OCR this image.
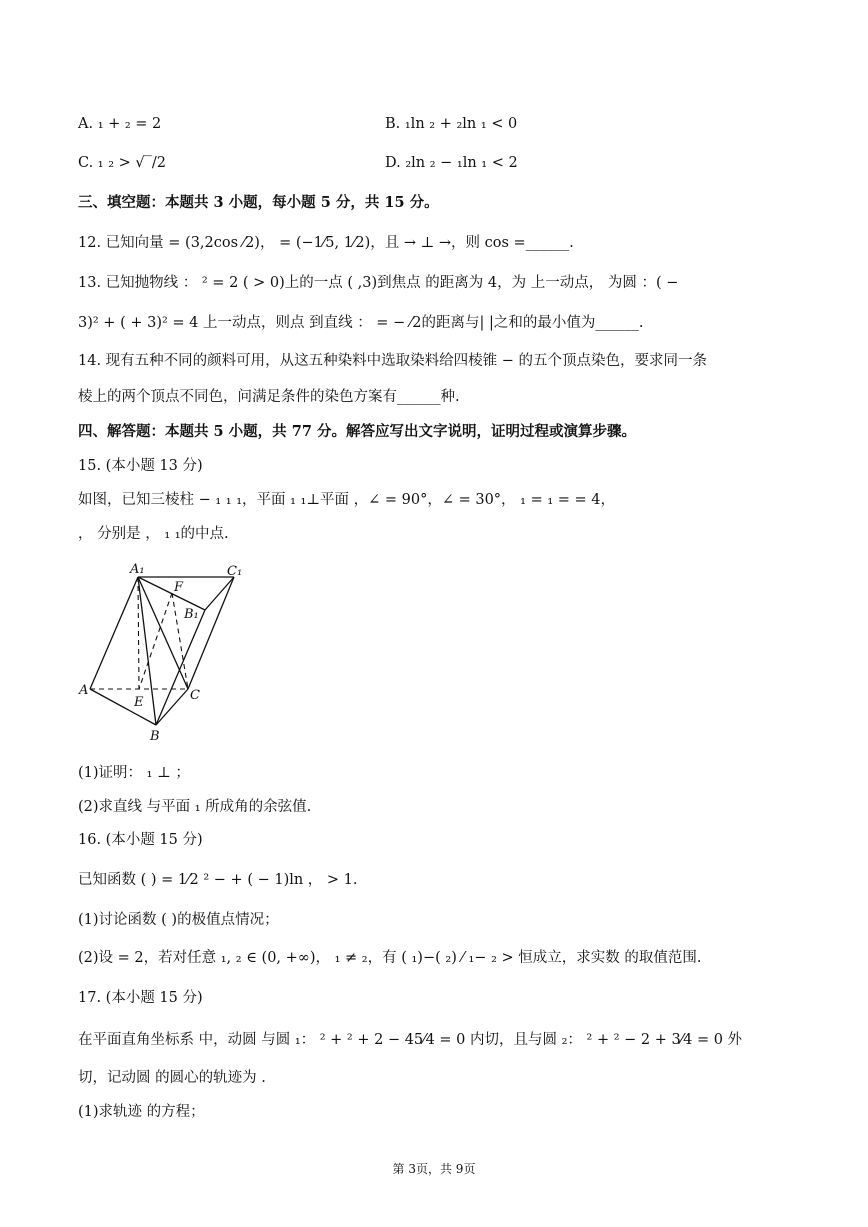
A. ₁ + ₂ = 2	B. ₁ln ₂ + ₂ln ₁ < 0
C. ₁ ₂ > √‾/2	D. ₂ln ₂ − ₁ln ₁ < 2
三、填空题：本题共 3 小题，每小题 5 分，共 15 分。
12. 已知向量 = (3,2cos ⁄2)， = (−1⁄5, 1⁄2)，且 → ⊥ →，则 cos =______.
13. 已知抛物线 ： ² = 2 ( > 0)上的一点 ( ,3)到焦点 的距离为 4，为 上一动点， 为圆 ：( −
3)² + ( + 3)² = 4 上一动点，则点 到直线 ： = − ⁄2的距离与| |之和的最小值为______.
14. 现有五种不同的颜料可用，从这五种染料中选取染料给四棱锥 − 的五个顶点染色，要求同一条
棱上的两个顶点不同色，问满足条件的染色方案有______种.
四、解答题：本题共 5 小题，共 77 分。解答应写出文字说明，证明过程或演算步骤。
15. (本小题 13 分)
如图，已知三棱柱 − ₁ ₁ ₁，平面 ₁ ₁⊥平面 ，∠ = 90°，∠ = 30°， ₁ = ₁ = = 4，
， 分别是 ， ₁ ₁的中点.
A₁	C₁
F
B₁
A
E	C
B
(1)证明： ₁ ⊥ ；
(2)求直线 与平面 ₁ 所成角的余弦值.
16. (本小题 15 分)
已知函数 ( ) = 1⁄2 ² − + ( − 1)ln ， > 1.
(1)讨论函数 ( )的极值点情况；
(2)设 = 2，若对任意 ₁, ₂ ∈ (0, +∞)， ₁ ≠ ₂，有 ( ₁)−( ₂) ⁄ ₁− ₂ > 恒成立，求实数 的取值范围.
17. (本小题 15 分)
在平面直角坐标系 中，动圆 与圆 ₁： ² + ² + 2 − 45⁄4 = 0 内切，且与圆 ₂： ² + ² − 2 + 3⁄4 = 0 外
切，记动圆 的圆心的轨迹为 .
(1)求轨迹 的方程；
第 3页，共 9页
